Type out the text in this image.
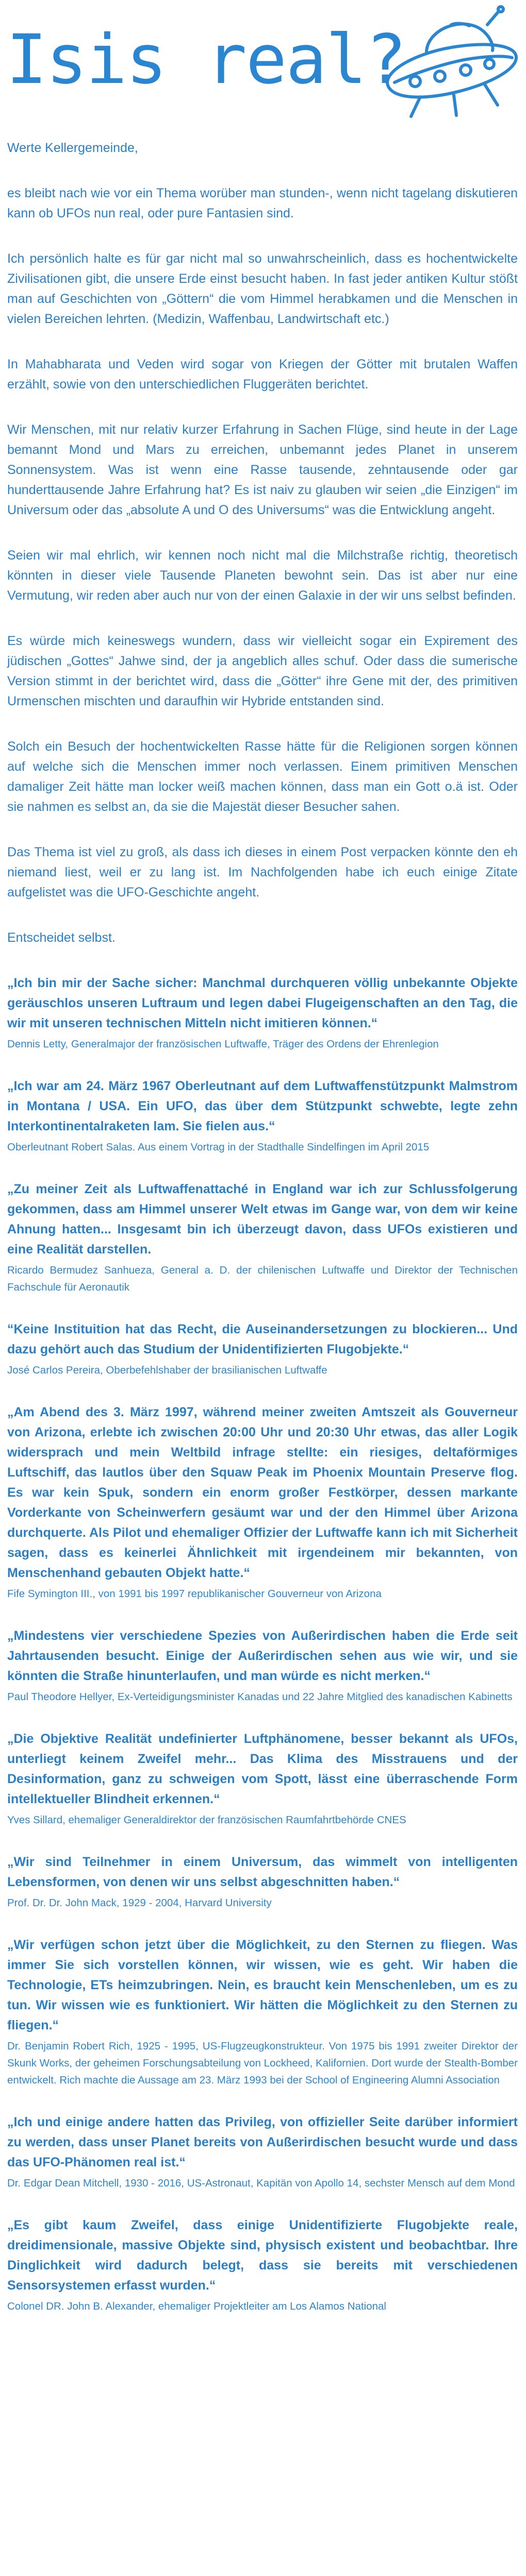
Isis real?

Werte Kellergemeinde,

es bleibt nach wie vor ein Thema worüber man stunden-, wenn nicht tagelang diskutieren kann ob UFOs nun real, oder pure Fantasien sind.

Ich persönlich halte es für gar nicht mal so unwahrscheinlich, dass es hochentwickelte Zivilisationen gibt, die unsere Erde einst besucht haben. In fast jeder antiken Kultur stößt man auf Geschichten von „Göttern“ die vom Himmel herabkamen und die Menschen in vielen Bereichen lehrten. (Medizin, Waffenbau, Landwirtschaft etc.)

In Mahabharata und Veden wird sogar von Kriegen der Götter mit brutalen Waffen erzählt, sowie von den unterschiedlichen Fluggeräten berichtet.

Wir Menschen, mit nur relativ kurzer Erfahrung in Sachen Flüge, sind heute in der Lage bemannt Mond und Mars zu erreichen, unbemannt jedes Planet in unserem Sonnensystem. Was ist wenn eine Rasse tausende, zehntausende oder gar hunderttausende Jahre Erfahrung hat? Es ist naiv zu glauben wir seien „die Einzigen“ im Universum oder das „absolute A und O des Universums“ was die Entwicklung angeht.

Seien wir mal ehrlich, wir kennen noch nicht mal die Milchstraße richtig, theoretisch könnten in dieser viele Tausende Planeten bewohnt sein. Das ist aber nur eine Vermutung, wir reden aber auch nur von der einen Galaxie in der wir uns selbst befinden.

Es würde mich keineswegs wundern, dass wir vielleicht sogar ein Expirement des jüdischen „Gottes“ Jahwe sind, der ja angeblich alles schuf. Oder dass die sumerische Version stimmt in der berichtet wird, dass die „Götter“ ihre Gene mit der, des primitiven Urmenschen mischten und daraufhin wir Hybride entstanden sind.

Solch ein Besuch der hochentwickelten Rasse hätte für die Religionen sorgen können auf welche sich die Menschen immer noch verlassen. Einem primitiven Menschen damaliger Zeit hätte man locker weiß machen können, dass man ein Gott o.ä ist. Oder sie nahmen es selbst an, da sie die Majestät dieser Besucher sahen.

Das Thema ist viel zu groß, als dass ich dieses in einem Post verpacken könnte den eh niemand liest, weil er zu lang ist. Im Nachfolgenden habe ich euch einige Zitate aufgelistet was die UFO-Geschichte angeht.

Entscheidet selbst.

„Ich bin mir der Sache sicher: Manchmal durchqueren völlig unbekannte Objekte geräuschlos unseren Luftraum und legen dabei Flugeigenschaften an den Tag, die wir mit unseren technischen Mitteln nicht imitieren können.“

Dennis Letty, Generalmajor der französischen Luftwaffe, Träger des Ordens der Ehrenlegion

„Ich war am 24. März 1967 Oberleutnant auf dem Luftwaffenstützpunkt Malmstrom in Montana / USA. Ein UFO, das über dem Stützpunkt schwebte, legte zehn Interkontinentalraketen lam. Sie fielen aus.“

Oberleutnant Robert Salas. Aus einem Vortrag in der Stadthalle Sindelfingen im April 2015

„Zu meiner Zeit als Luftwaffenattaché in England war ich zur Schlussfolgerung gekommen, dass am Himmel unserer Welt etwas im Gange war, von dem wir keine Ahnung hatten... Insgesamt bin ich überzeugt davon, dass UFOs existieren und eine Realität darstellen.

Ricardo Bermudez Sanhueza, General a. D. der chilenischen Luftwaffe und Direktor der Technischen Fachschule für Aeronautik

“Keine Instituition hat das Recht, die Auseinandersetzungen zu blockieren... Und dazu gehört auch das Studium der Unidentifizierten Flugobjekte.“

José Carlos Pereira, Oberbefehlshaber der brasilianischen Luftwaffe

„Am Abend des 3. März 1997, während meiner zweiten Amtszeit als Gouverneur von Arizona, erlebte ich zwischen 20:00 Uhr und 20:30 Uhr etwas, das aller Logik widersprach und mein Weltbild infrage stellte: ein riesiges, deltaförmiges Luftschiff, das lautlos über den Squaw Peak im Phoenix Mountain Preserve flog. Es war kein Spuk, sondern ein enorm großer Festkörper, dessen markante Vorderkante von Scheinwerfern gesäumt war und der den Himmel über Arizona durchquerte. Als Pilot und ehemaliger Offizier der Luftwaffe kann ich mit Sicherheit sagen, dass es keinerlei Ähnlichkeit mit irgendeinem mir bekannten, von Menschenhand gebauten Objekt hatte.“

Fife Symington III., von 1991 bis 1997 republikanischer Gouverneur von Arizona

„Mindestens vier verschiedene Spezies von Außerirdischen haben die Erde seit Jahrtausenden besucht. Einige der Außerirdischen sehen aus wie wir, und sie könnten die Straße hinunterlaufen, und man würde es nicht merken.“

Paul Theodore Hellyer, Ex-Verteidigungsminister Kanadas und 22 Jahre Mitglied des kanadischen Kabinetts

„Die Objektive Realität undefinierter Luftphänomene, besser bekannt als UFOs, unterliegt keinem Zweifel mehr... Das Klima des Misstrauens und der Desinformation, ganz zu schweigen vom Spott, lässt eine überraschende Form intellektueller Blindheit erkennen.“

Yves Sillard, ehemaliger Generaldirektor der französischen Raumfahrtbehörde CNES

„Wir sind Teilnehmer in einem Universum, das wimmelt von intelligenten Lebensformen, von denen wir uns selbst abgeschnitten haben.“

Prof. Dr. Dr. John Mack, 1929 - 2004, Harvard University

„Wir verfügen schon jetzt über die Möglichkeit, zu den Sternen zu fliegen. Was immer Sie sich vorstellen können, wir wissen, wie es geht. Wir haben die Technologie, ETs heimzubringen. Nein, es braucht kein Menschenleben, um es zu tun. Wir wissen wie es funktioniert. Wir hätten die Möglichkeit zu den Sternen zu fliegen.“

Dr. Benjamin Robert Rich, 1925 - 1995, US-Flugzeugkonstrukteur. Von 1975 bis 1991 zweiter Direktor der Skunk Works, der geheimen Forschungsabteilung von Lockheed, Kalifornien. Dort wurde der Stealth-Bomber entwickelt. Rich machte die Aussage am 23. März 1993 bei der School of Engineering Alumni Association

„Ich und einige andere hatten das Privileg, von offizieller Seite darüber informiert zu werden, dass unser Planet bereits von Außerirdischen besucht wurde und dass das UFO-Phänomen real ist.“

Dr. Edgar Dean Mitchell, 1930 - 2016, US-Astronaut, Kapitän von Apollo 14, sechster Mensch auf dem Mond

„Es gibt kaum Zweifel, dass einige Unidentifizierte Flugobjekte reale, dreidimensionale, massive Objekte sind, physisch existent und beobachtbar. Ihre Dinglichkeit wird dadurch belegt, dass sie bereits mit verschiedenen Sensorsystemen erfasst wurden.“

Colonel DR. John B. Alexander, ehemaliger Projektleiter am Los Alamos National
